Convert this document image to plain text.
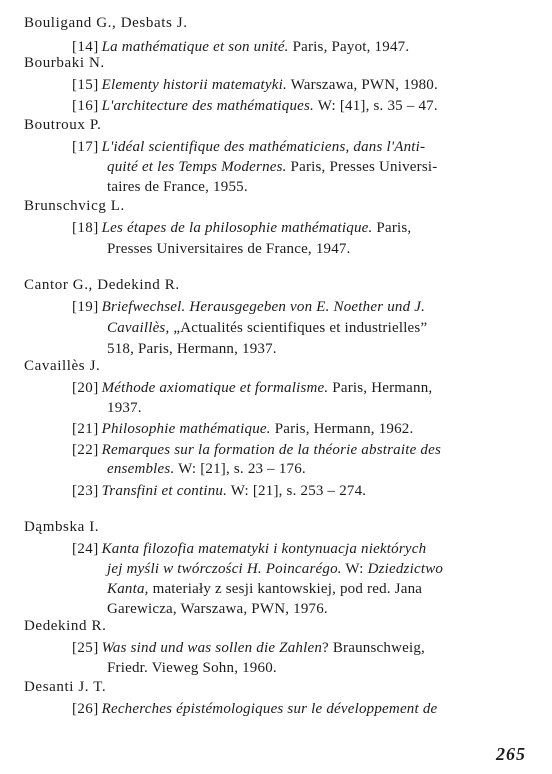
Bouligand G., Desbats J.
[14] La mathématique et son unité. Paris, Payot, 1947.
Bourbaki N.
[15] Elementy historii matematyki. Warszawa, PWN, 1980.
[16] L'architecture des mathématiques. W: [41], s. 35 – 47.
Boutroux P.
[17] L'idéal scientifique des mathématiciens, dans l'Anti-
quité et les Temps Modernes. Paris, Presses Universi-
taires de France, 1955.
Brunschvicg L.
[18] Les étapes de la philosophie mathématique. Paris,
Presses Universitaires de France, 1947.
Cantor G., Dedekind R.
[19] Briefwechsel. Herausgegeben von E. Noether und J.
Cavaillès, „Actualités scientifiques et industrielles”
518, Paris, Hermann, 1937.
Cavaillès J.
[20] Méthode axiomatique et formalisme. Paris, Hermann,
1937.
[21] Philosophie mathématique. Paris, Hermann, 1962.
[22] Remarques sur la formation de la théorie abstraite des
ensembles. W: [21], s. 23 – 176.
[23] Transfini et continu. W: [21], s. 253 – 274.
Dąmbska I.
[24] Kanta filozofia matematyki i kontynuacja niektórych
jej myśli w twórczości H. Poincarégo. W: Dziedzictwo
Kanta, materiały z sesji kantowskiej, pod red. Jana
Garewicza, Warszawa, PWN, 1976.
Dedekind R.
[25] Was sind und was sollen die Zahlen? Braunschweig,
Friedr. Vieweg Sohn, 1960.
Desanti J. T.
[26] Recherches épistémologiques sur le développement de
265
